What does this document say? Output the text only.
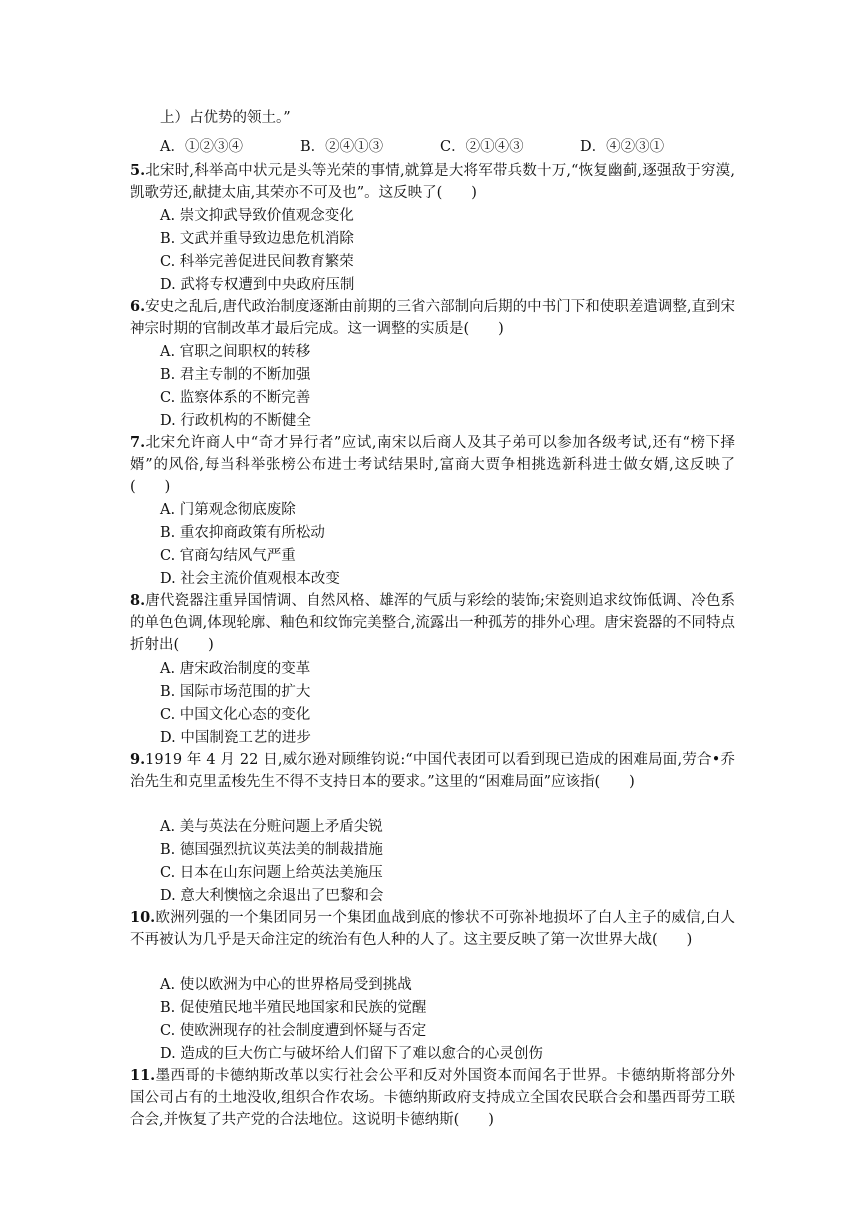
上）占优势的领土。”
A．①②③④	B．②④①③	C．②①④③	D．④②③①
5.北宋时,科举高中状元是头等光荣的事情,就算是大将军带兵数十万,“恢复幽蓟,逐强敌于穷漠,凯歌劳还,献捷太庙,其荣亦不可及也”。这反映了(　　)
A. 崇文抑武导致价值观念变化
B. 文武并重导致边患危机消除
C. 科举完善促进民间教育繁荣
D. 武将专权遭到中央政府压制
6.安史之乱后,唐代政治制度逐渐由前期的三省六部制向后期的中书门下和使职差遣调整,直到宋神宗时期的官制改革才最后完成。这一调整的实质是(　　)
A. 官职之间职权的转移
B. 君主专制的不断加强
C. 监察体系的不断完善
D. 行政机构的不断健全
7.北宋允许商人中“奇才异行者”应试,南宋以后商人及其子弟可以参加各级考试,还有“榜下择婿”的风俗,每当科举张榜公布进士考试结果时,富商大贾争相挑选新科进士做女婿,这反映了(　　)
A. 门第观念彻底废除
B. 重农抑商政策有所松动
C. 官商勾结风气严重
D. 社会主流价值观根本改变
8.唐代瓷器注重异国情调、自然风格、雄浑的气质与彩绘的装饰;宋瓷则追求纹饰低调、冷色系的单色色调,体现轮廓、釉色和纹饰完美整合,流露出一种孤芳的排外心理。唐宋瓷器的不同特点折射出(　　)
A. 唐宋政治制度的变革
B. 国际市场范围的扩大
C. 中国文化心态的变化
D. 中国制瓷工艺的进步
9.1919 年 4 月 22 日,威尔逊对顾维钧说:“中国代表团可以看到现已造成的困难局面,劳合•乔治先生和克里孟梭先生不得不支持日本的要求。”这里的“困难局面”应该指(　　)
A. 美与英法在分赃问题上矛盾尖锐
B. 德国强烈抗议英法美的制裁措施
C. 日本在山东问题上给英法美施压
D. 意大利懊恼之余退出了巴黎和会
10.欧洲列强的一个集团同另一个集团血战到底的惨状不可弥补地损坏了白人主子的威信,白人不再被认为几乎是天命注定的统治有色人种的人了。这主要反映了第一次世界大战(　　)
A. 使以欧洲为中心的世界格局受到挑战
B. 促使殖民地半殖民地国家和民族的觉醒
C. 使欧洲现存的社会制度遭到怀疑与否定
D. 造成的巨大伤亡与破坏给人们留下了难以愈合的心灵创伤
11.墨西哥的卡德纳斯改革以实行社会公平和反对外国资本而闻名于世界。卡德纳斯将部分外国公司占有的土地没收,组织合作农场。卡德纳斯政府支持成立全国农民联合会和墨西哥劳工联合会,并恢复了共产党的合法地位。这说明卡德纳斯(　　)
